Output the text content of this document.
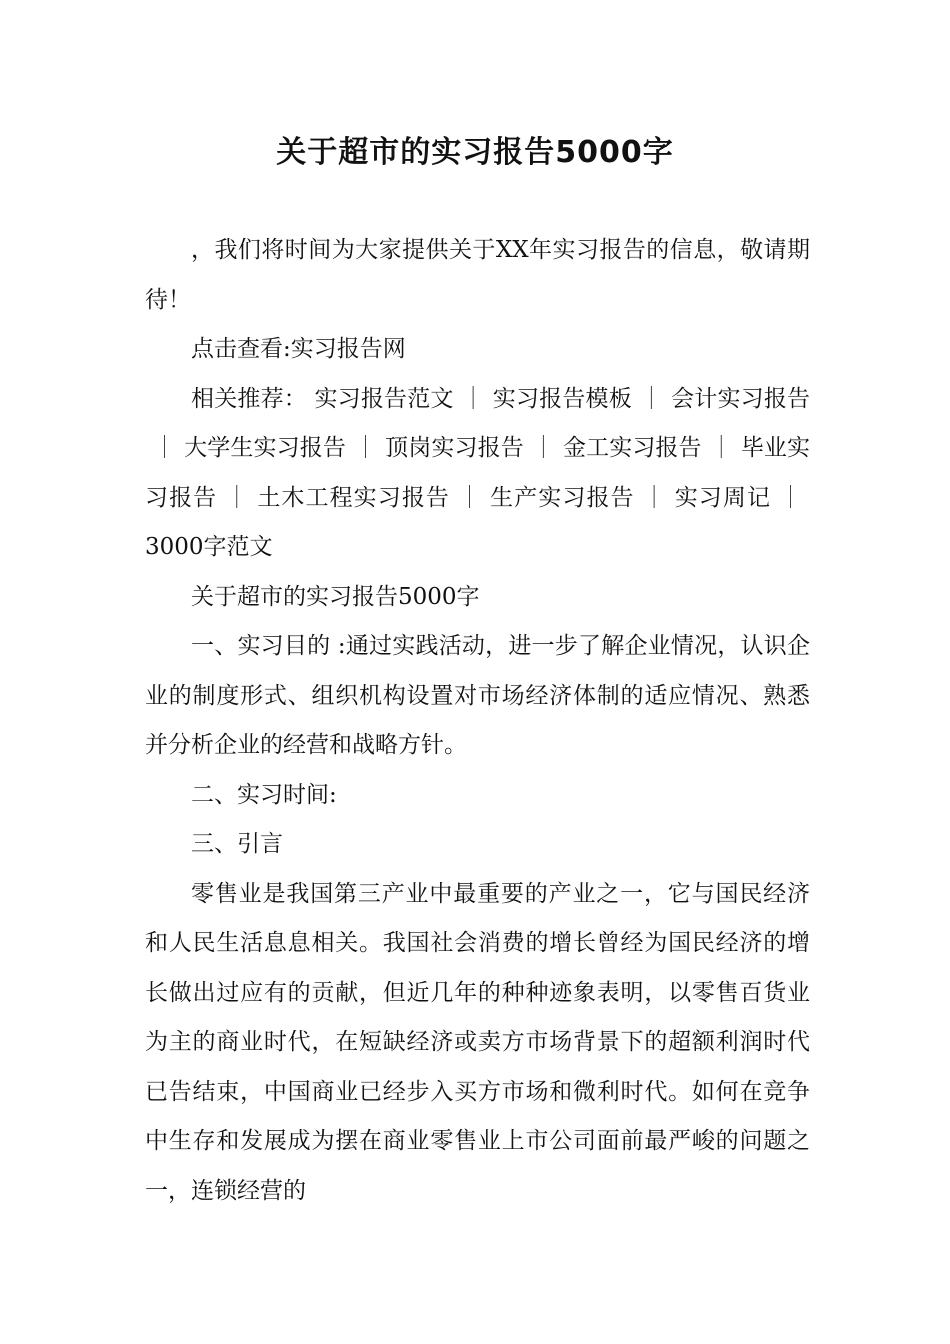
关于超市的实习报告5000字

，我们将时间为大家提供关于XX年实习报告的信息，敬请期待！

点击查看:实习报告网

相关推荐： 实习报告范文 ｜ 实习报告模板 ｜ 会计实习报告｜ 大学生实习报告 ｜ 顶岗实习报告 ｜ 金工实习报告 ｜ 毕业实习报告 ｜ 土木工程实习报告 ｜ 生产实习报告 ｜ 实习周记 ｜3000字范文

关于超市的实习报告5000字

一、实习目的 :通过实践活动，进一步了解企业情况，认识企业的制度形式、组织机构设置对市场经济体制的适应情况、熟悉并分析企业的经营和战略方针。

二、实习时间:

三、引言

零售业是我国第三产业中最重要的产业之一，它与国民经济和人民生活息息相关。我国社会消费的增长曾经为国民经济的增长做出过应有的贡献，但近几年的种种迹象表明，以零售百货业为主的商业时代，在短缺经济或卖方市场背景下的超额利润时代已告结束，中国商业已经步入买方市场和微利时代。如何在竞争中生存和发展成为摆在商业零售业上市公司面前最严峻的问题之一，连锁经营的
